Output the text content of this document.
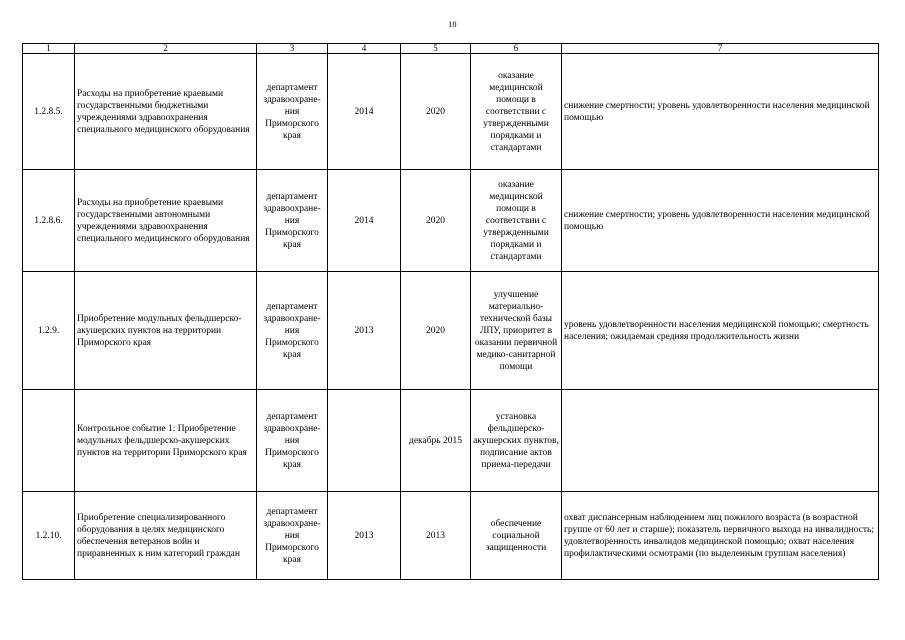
10
1	2	3	4	5	6	7
1.2.8.5.	Расходы на приобретение краевыми государственными бюджетными учреждениями здравоохранения специального медицинского оборудования	департамент здравоохране-ния Приморского края	2014	2020	оказание медицинской помощи в соответствии с утвержденными порядками и стандартами	снижение смертности; уровень удовлетворенности населения медицинской помощью
1.2.8.6.	Расходы на приобретение краевыми государственными автономными учреждениями здравоохранения специального медицинского оборудования	департамент здравоохране-ния Приморского края	2014	2020	оказание медицинской помощи в соответствии с утвержденными порядками и стандартами	снижение смертности; уровень удовлетворенности населения медицинской помощью
1.2.9.	Приобретение модульных фельдшерско-акушерских пунктов на территории Приморского края	департамент здравоохране-ния Приморского края	2013	2020	улучшение материально-технической базы ЛПУ, приоритет в оказании первичной медико-санитарной помощи	уровень удовлетворенности населения медицинской помощью; смертность населения; ожидаемая средняя продолжительность жизни
	Контрольное событие 1: Приобретение модульных фельдшерско-акушерских пунктов на территории Приморского края	департамент здравоохране-ния Приморского края		декабрь 2015	установка фельдшерско-акушерских пунктов, подписание актов приема-передачи	
1.2.10.	Приобретение специализированного оборудования в целях медицинского обеспечения ветеранов войн и приравненных к ним категорий граждан	департамент здравоохране-ния Приморского края	2013	2013	обеспечение социальной защищенности	охват диспансерным наблюдением лиц пожилого возраста (в возрастной группе от 60 лет и старше); показатель первичного выхода на инвалидность; удовлетворенность инвалидов медицинской помощью; охват населения профилактическими осмотрами (по выделенным группам населения)
